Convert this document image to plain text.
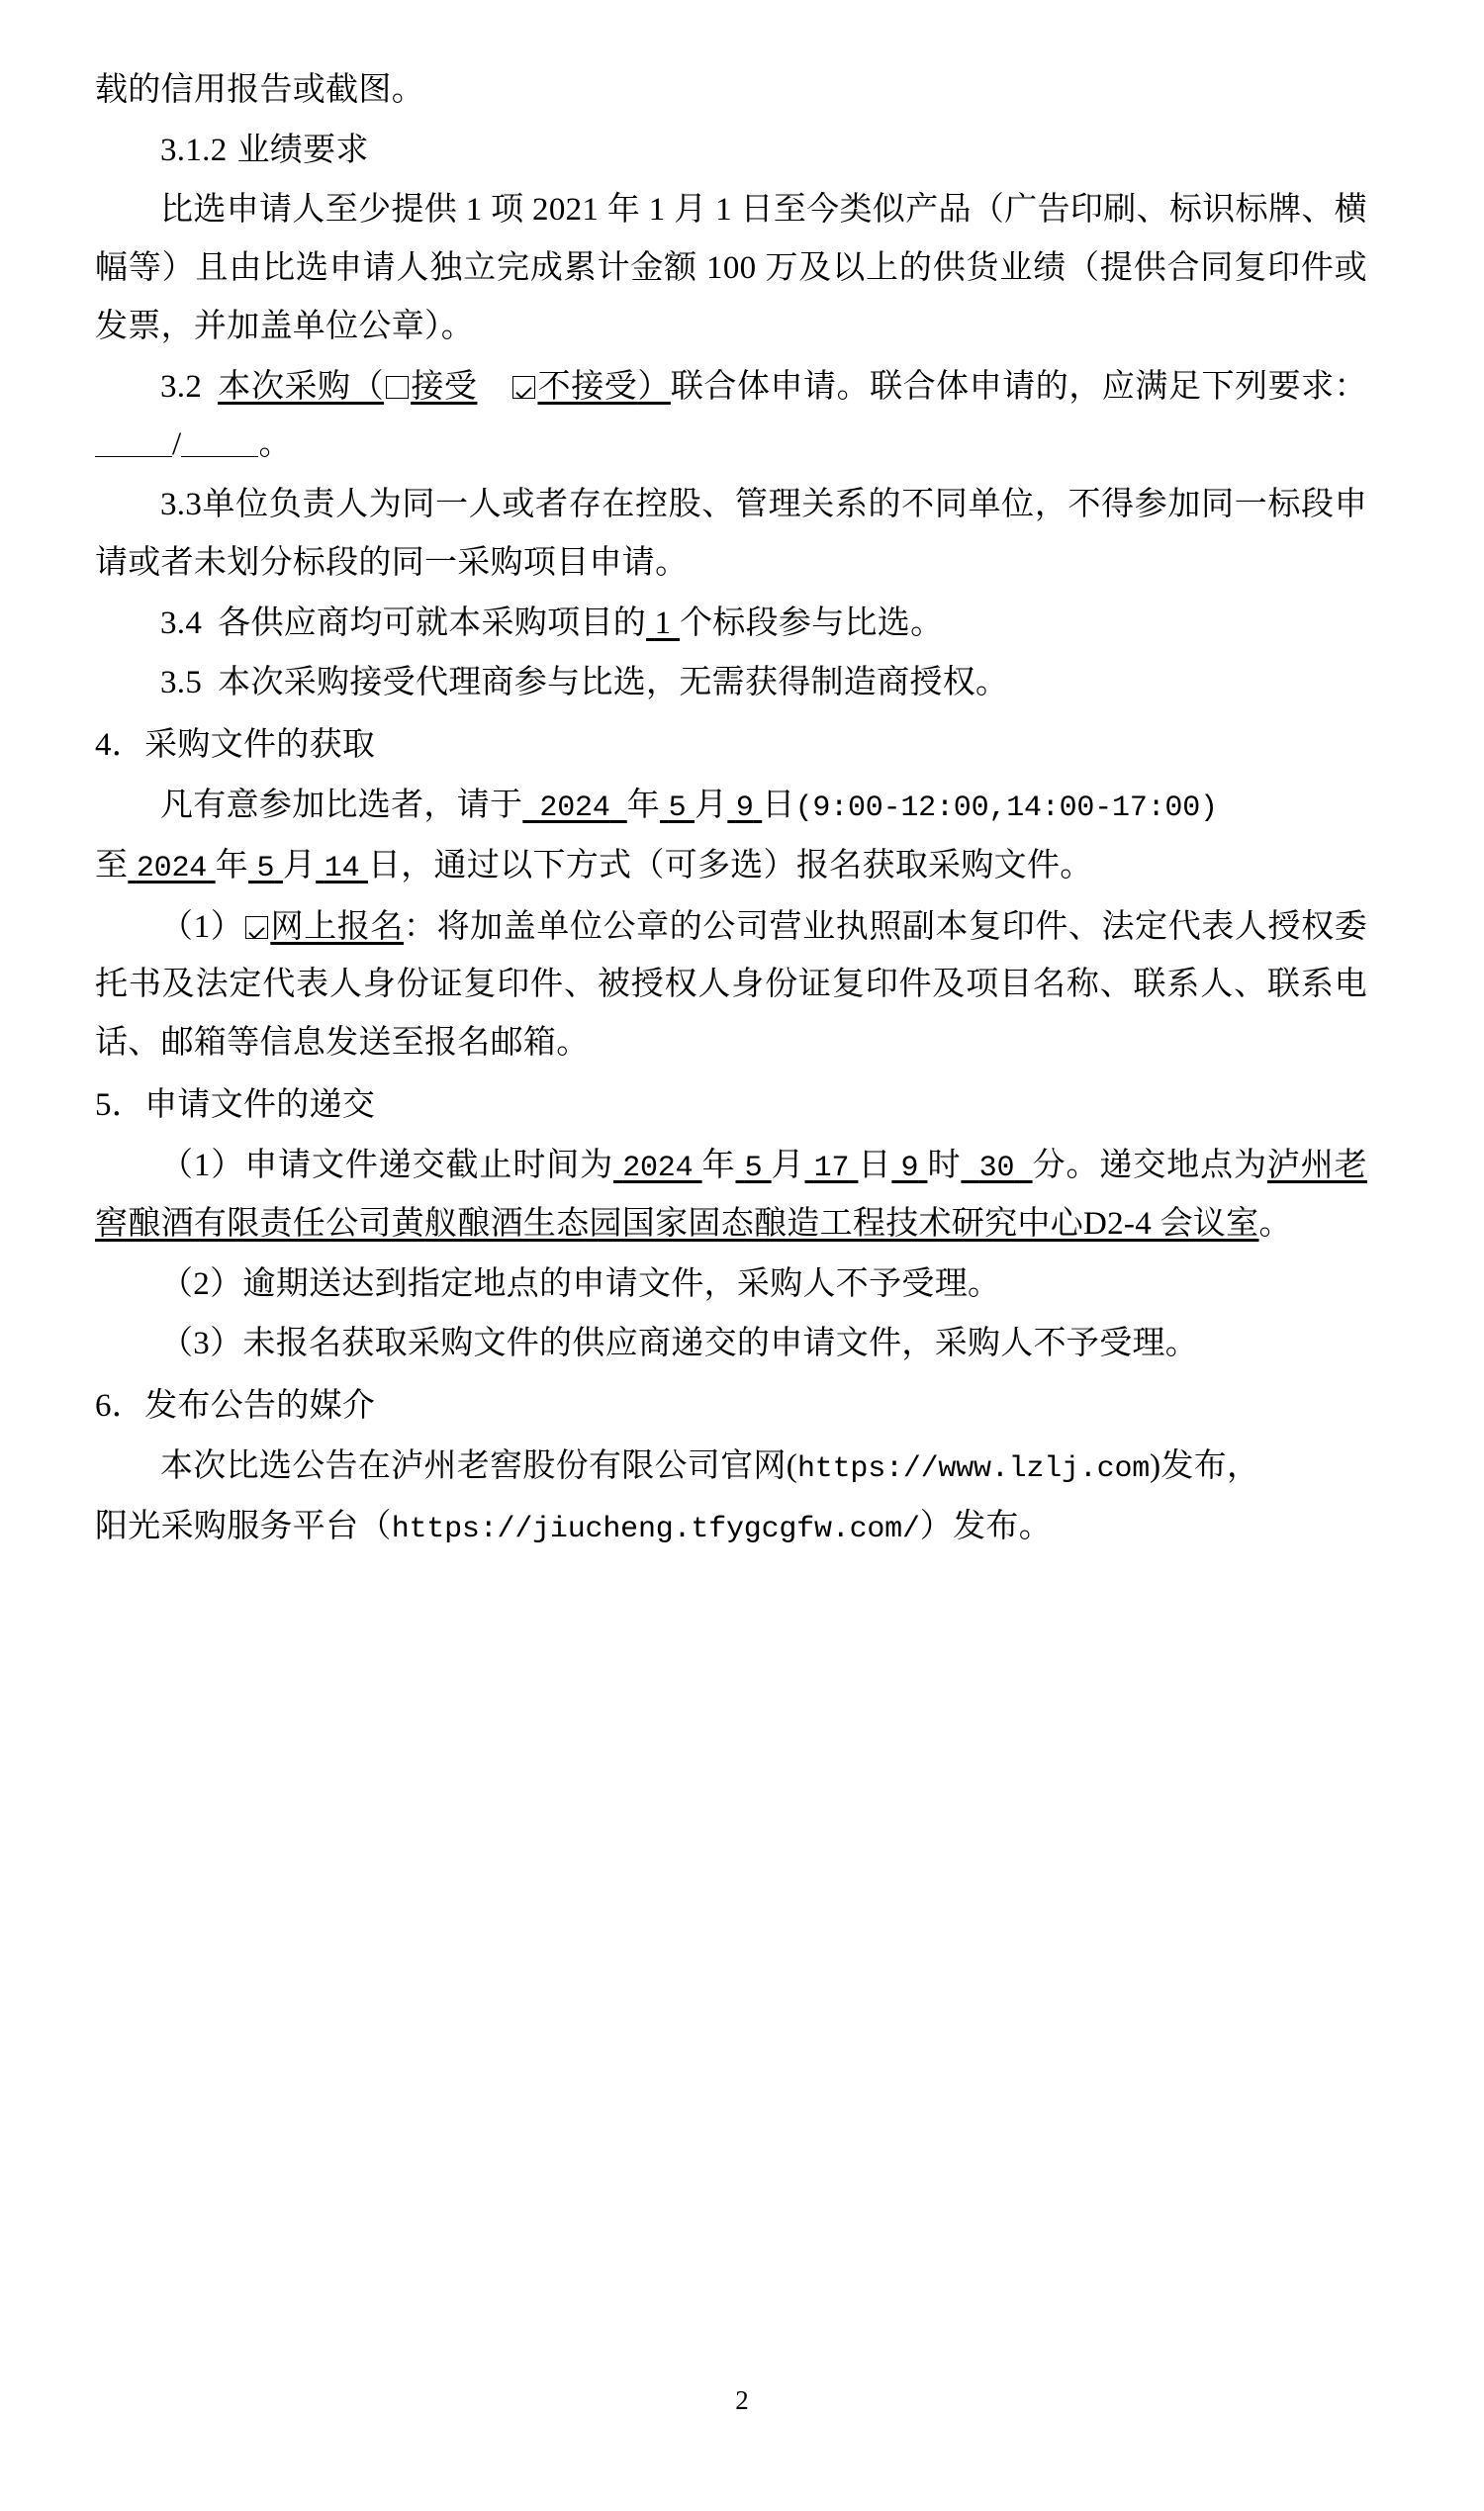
载的信用报告或截图。

3.1.2 业绩要求

比选申请人至少提供 1 项 2021 年 1 月 1 日至今类似产品（广告印刷、标识标牌、横幅等）且由比选申请人独立完成累计金额 100 万及以上的供货业绩（提供合同复印件或发票，并加盖单位公章）。

3.2 本次采购（ 接受 不接受）联合体申请。联合体申请的，应满足下列要求：/ 。

3.3单位负责人为同一人或者存在控股、管理关系的不同单位，不得参加同一标段申请或者未划分标段的同一采购项目申请。

3.4 各供应商均可就本采购项目的 1 个标段参与比选。

3.5 本次采购接受代理商参与比选，无需获得制造商授权。

4．采购文件的获取

凡有意参加比选者，请于 2024 年 5 月 9 日(9:00-12:00,14:00-17:00)

至 2024 年 5 月 14 日，通过以下方式（可多选）报名获取采购文件。

（1） 网上报名：将加盖单位公章的公司营业执照副本复印件、法定代表人授权委托书及法定代表人身份证复印件、被授权人身份证复印件及项目名称、联系人、联系电话、邮箱等信息发送至报名邮箱。

5．申请文件的递交

（1）申请文件递交截止时间为 2024 年 5 月 17 日 9 时 30 分。递交地点为泸州老窖酿酒有限责任公司黄舣酿酒生态园国家固态酿造工程技术研究中心D2-4 会议室。

（2）逾期送达到指定地点的申请文件，采购人不予受理。

（3）未报名获取采购文件的供应商递交的申请文件，采购人不予受理。

6．发布公告的媒介

本次比选公告在泸州老窖股份有限公司官网(https://www.lzlj.com)发布，

阳光采购服务平台（https://jiucheng.tfygcgfw.com/）发布。

2
